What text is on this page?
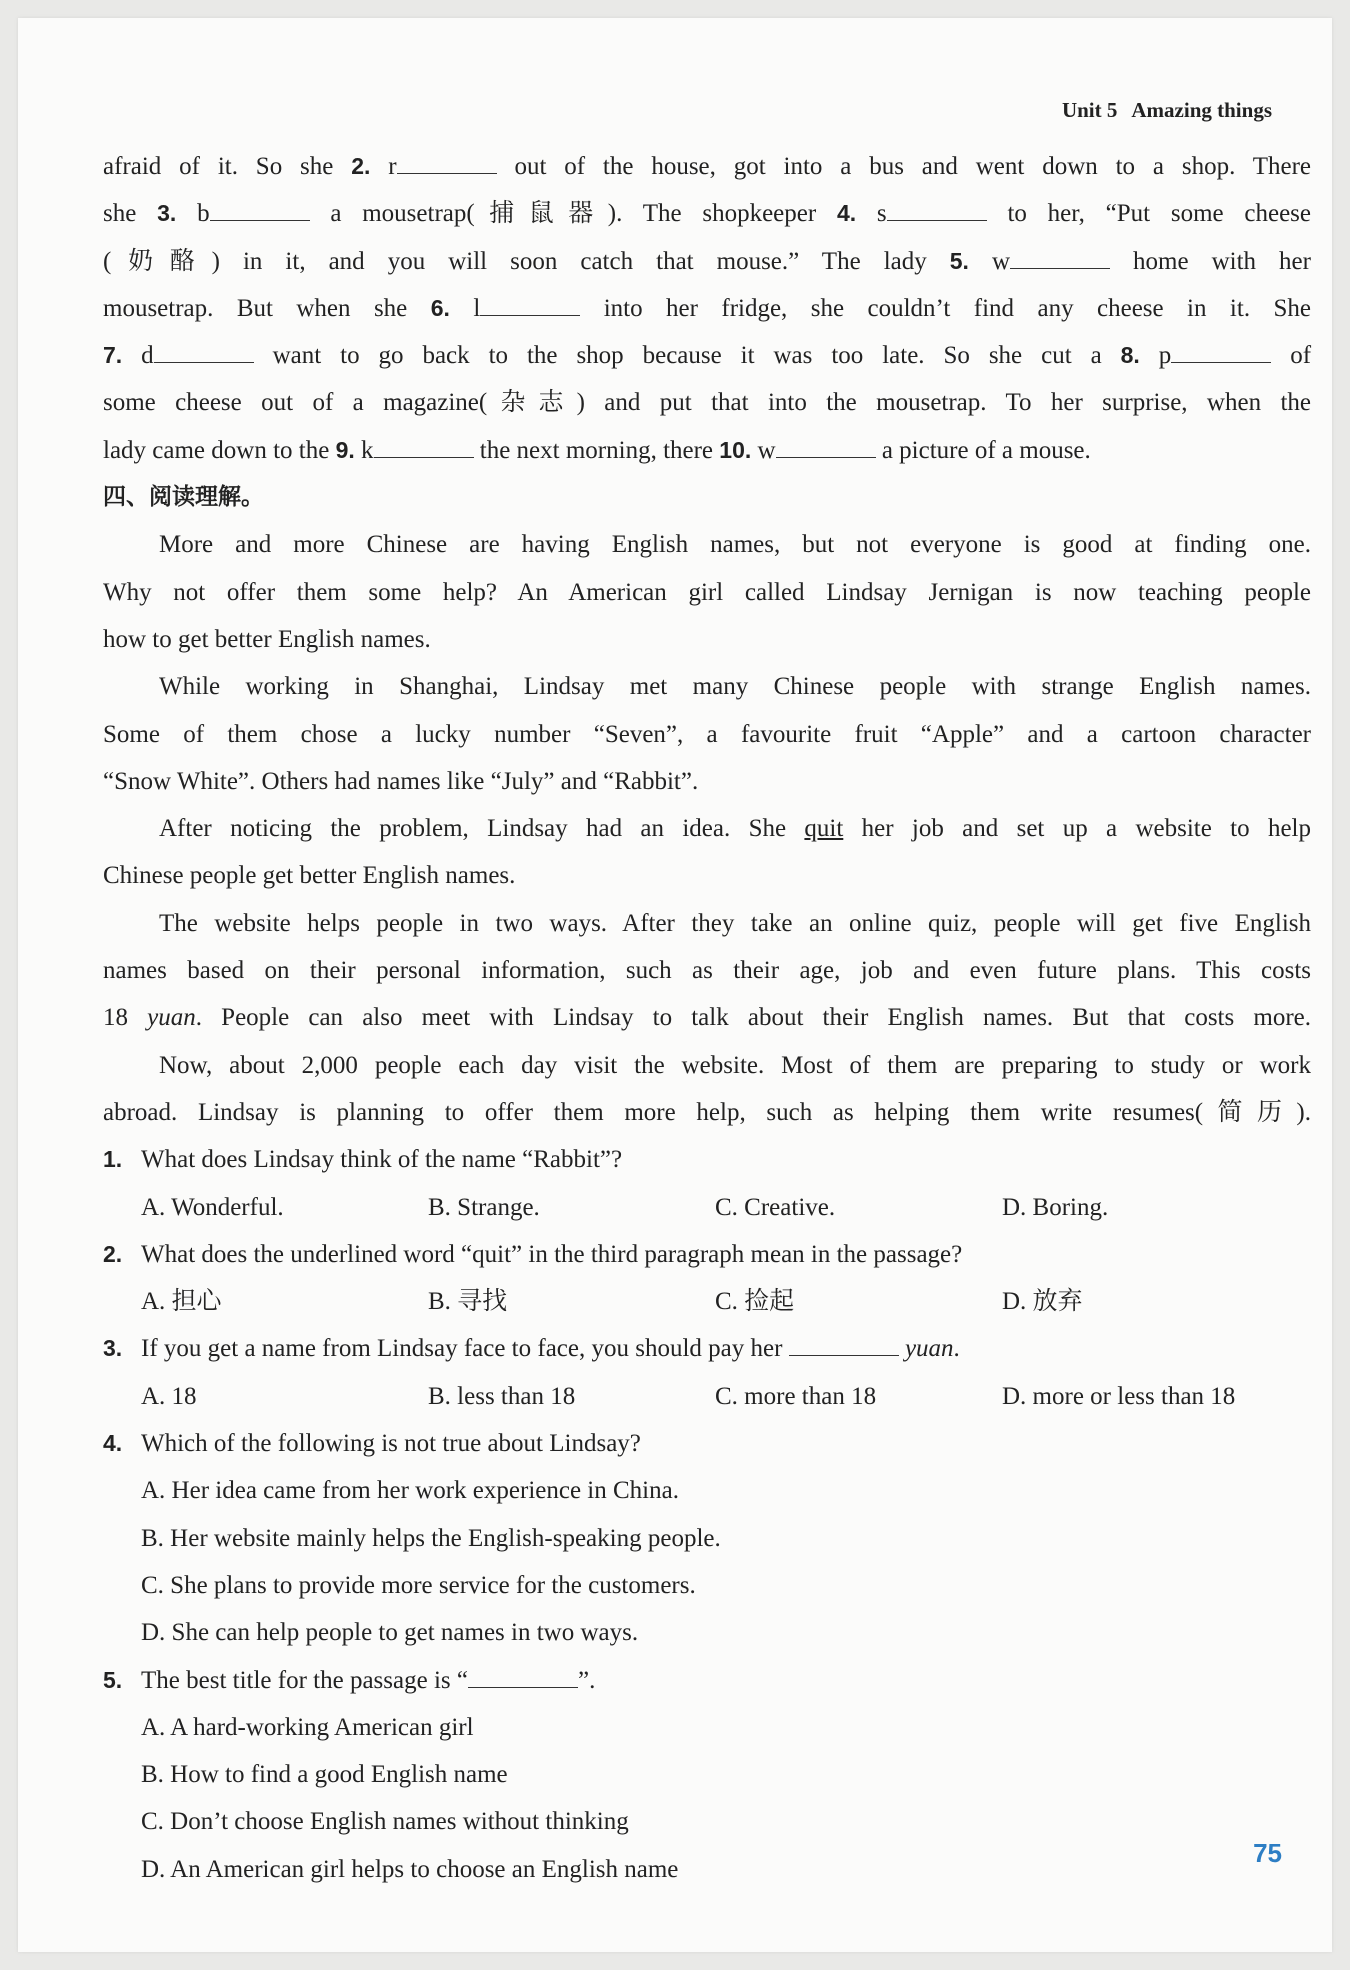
Unit 5 Amazing things
afraid of it. So she 2. r	out of the house, got into a bus and went down to a shop. There
she 3. b	a mousetrap(捕鼠器). The shopkeeper 4. s	to her, “Put some cheese
(奶酪) in it, and you will soon catch that mouse.” The lady 5. w	home with her
mousetrap. But when she 6. l	into her fridge, she couldn’t find any cheese in it. She
7. d	want to go back to the shop because it was too late. So she cut a 8. p	of
some cheese out of a magazine(杂志) and put that into the mousetrap. To her surprise, when the
lady came down to the 9. k	the next morning, there 10. w	a picture of a mouse.
四、阅读理解。
More and more Chinese are having English names, but not everyone is good at finding one.
Why not offer them some help? An American girl called Lindsay Jernigan is now teaching people
how to get better English names.
While working in Shanghai, Lindsay met many Chinese people with strange English names.
Some of them chose a lucky number “Seven”, a favourite fruit “Apple” and a cartoon character
“Snow White”. Others had names like “July” and “Rabbit”.
After noticing the problem, Lindsay had an idea. She quit her job and set up a website to help
Chinese people get better English names.
The website helps people in two ways. After they take an online quiz, people will get five English
names based on their personal information, such as their age, job and even future plans. This costs
18 yuan. People can also meet with Lindsay to talk about their English names. But that costs more.
Now, about 2,000 people each day visit the website. Most of them are preparing to study or work
abroad. Lindsay is planning to offer them more help, such as helping them write resumes(简历).
1. What does Lindsay think of the name “Rabbit”?
A. Wonderful.	B. Strange.	C. Creative.	D. Boring.
2. What does the underlined word “quit” in the third paragraph mean in the passage?
A. 担心	B. 寻找	C. 捡起	D. 放弃
3. If you get a name from Lindsay face to face, you should pay her	yuan.
A. 18	B. less than 18	C. more than 18	D. more or less than 18
4. Which of the following is not true about Lindsay?
A. Her idea came from her work experience in China.
B. Her website mainly helps the English-speaking people.
C. She plans to provide more service for the customers.
D. She can help people to get names in two ways.
5. The best title for the passage is “	”.
A. A hard-working American girl
B. How to find a good English name
C. Don’t choose English names without thinking
D. An American girl helps to choose an English name
75
